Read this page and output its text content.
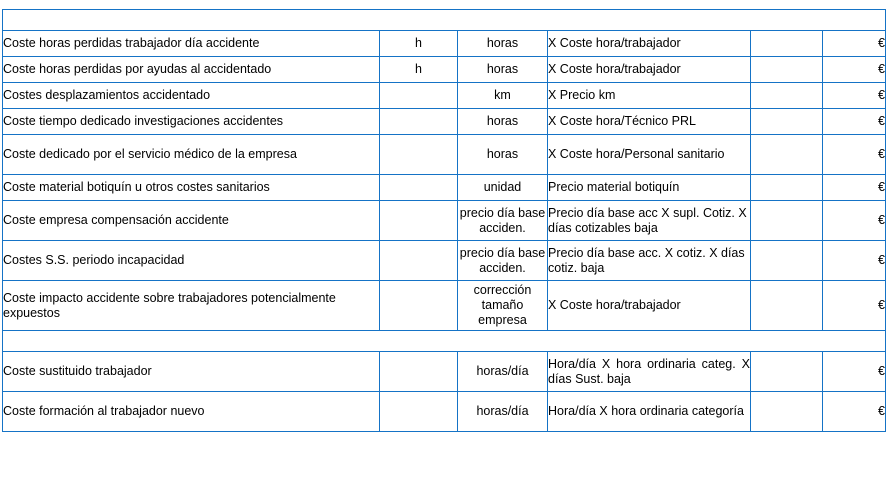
Costes del trabajador / trabajadores					
Coste horas perdidas trabajador día accidente	h	horas	X Coste hora/trabajador		€
Coste horas perdidas por ayudas al accidentado	h	horas	X Coste hora/trabajador		€
Costes desplazamientos accidentado		km	X Precio km		€
Coste tiempo dedicado investigaciones accidentes		horas	X Coste hora/Técnico PRL		€
Coste dedicado por el servicio médico de la empresa		horas	X Coste hora/Personal sanitario		€
Coste material botiquín u otros costes sanitarios		unidad	Precio material botiquín		€
Coste empresa compensación accidente		precio día base acciden.	Precio día base acc X supl. Cotiz. X días cotizables baja		€
Costes S.S. periodo incapacidad		precio día base acciden.	Precio día base acc. X cotiz. X días cotiz. baja		€
Coste impacto accidente sobre trabajadores potencialmente expuestos		corrección tamaño empresa	X Coste hora/trabajador		€
Incrementos de costes para mantener la producción					
Coste sustituido trabajador		horas/día	Hora/día X hora ordinaria categ. X días Sust. baja		€
Coste formación al trabajador nuevo		horas/día	Hora/día X hora ordinaria categoría		€
